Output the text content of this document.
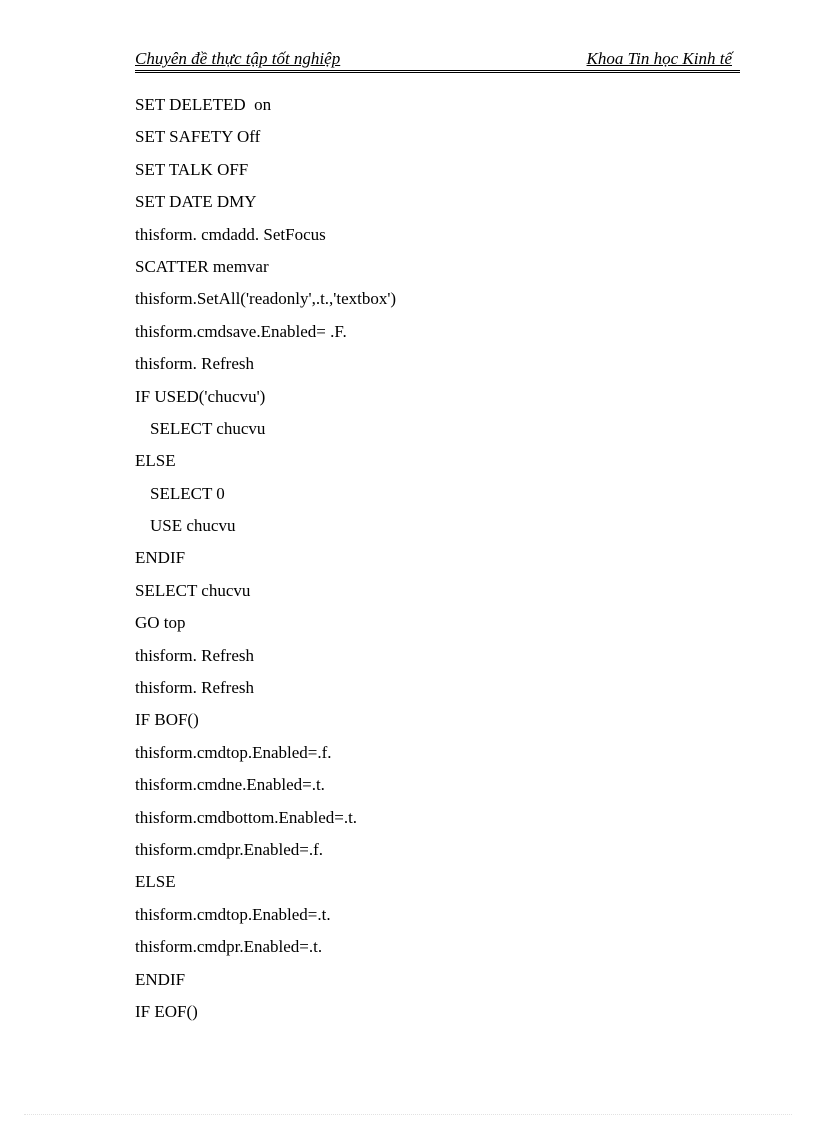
Chuyên đề thực tập tốt nghiệp	Khoa Tin học Kinh tế
SET DELETED  on
SET SAFETY Off
SET TALK OFF
SET DATE DMY
thisform. cmdadd. SetFocus
SCATTER memvar
thisform.SetAll('readonly',.t.,'textbox')
thisform.cmdsave.Enabled= .F.
thisform. Refresh
IF USED('chucvu')
SELECT chucvu
ELSE
SELECT 0
USE chucvu
ENDIF
SELECT chucvu
GO top
thisform. Refresh
thisform. Refresh
IF BOF()
thisform.cmdtop.Enabled=.f.
thisform.cmdne.Enabled=.t.
thisform.cmdbottom.Enabled=.t.
thisform.cmdpr.Enabled=.f.
ELSE
thisform.cmdtop.Enabled=.t.
thisform.cmdpr.Enabled=.t.
ENDIF
IF EOF()
